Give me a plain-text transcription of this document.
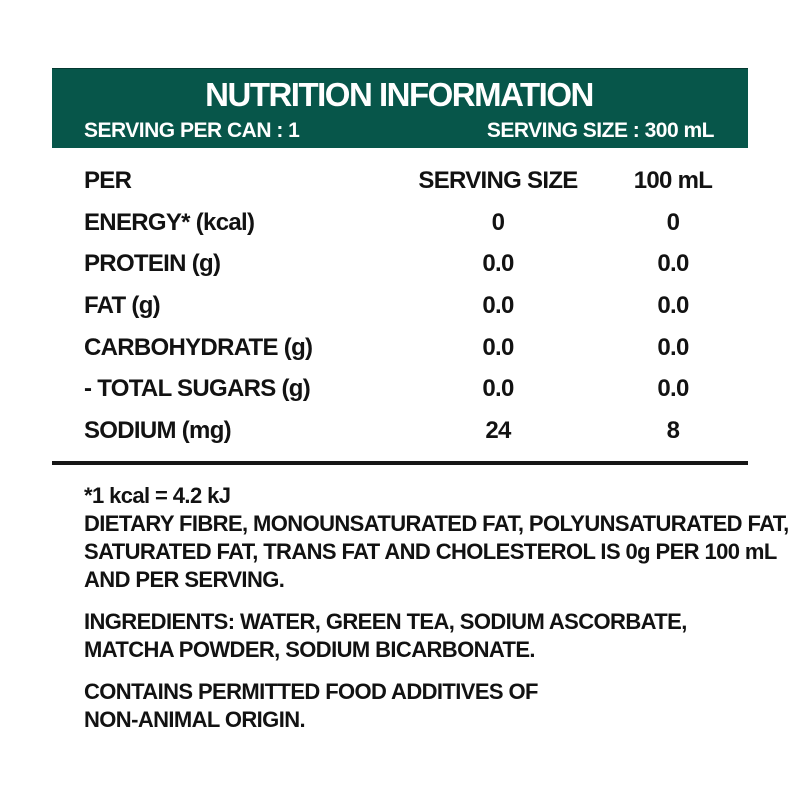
NUTRITION INFORMATION
SERVING PER CAN : 1	SERVING SIZE : 300 mL
PER	SERVING SIZE	100 mL
ENERGY* (kcal)	0	0
PROTEIN (g)	0.0	0.0
FAT (g)	0.0	0.0
CARBOHYDRATE (g)	0.0	0.0
- TOTAL SUGARS (g)	0.0	0.0
SODIUM (mg)	24	8

*1 kcal = 4.2 kJ
DIETARY FIBRE, MONOUNSATURATED FAT, POLYUNSATURATED FAT,
SATURATED FAT, TRANS FAT AND CHOLESTEROL IS 0g PER 100 mL
AND PER SERVING.

INGREDIENTS: WATER, GREEN TEA, SODIUM ASCORBATE,
MATCHA POWDER, SODIUM BICARBONATE.

CONTAINS PERMITTED FOOD ADDITIVES OF
NON-ANIMAL ORIGIN.
